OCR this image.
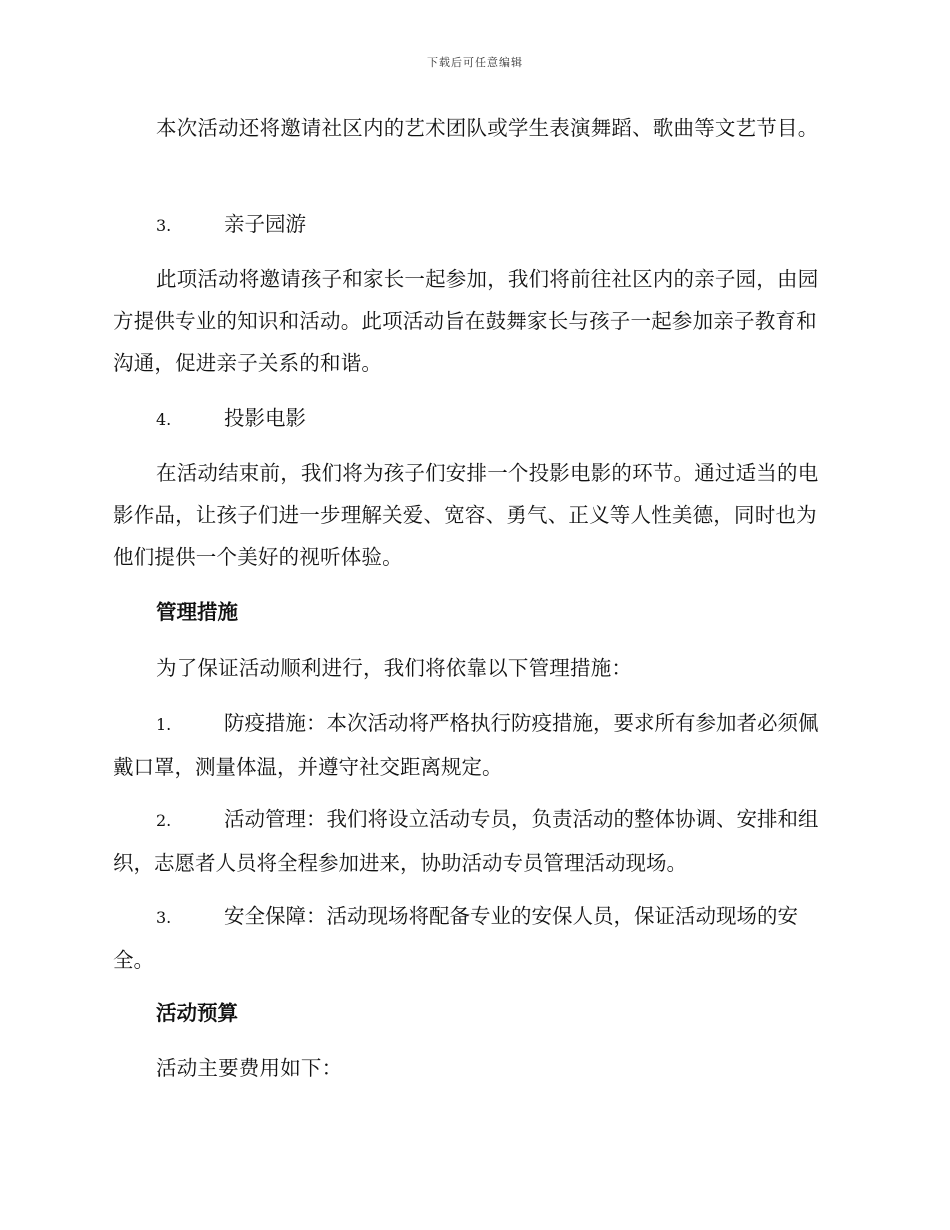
下载后可任意编辑

本次活动还将邀请社区内的艺术团队或学生表演舞蹈、歌曲等文艺节目。

3.	亲子园游

此项活动将邀请孩子和家长一起参加，我们将前往社区内的亲子园，由园方提供专业的知识和活动。此项活动旨在鼓舞家长与孩子一起参加亲子教育和沟通，促进亲子关系的和谐。

4.	投影电影

在活动结束前，我们将为孩子们安排一个投影电影的环节。通过适当的电影作品，让孩子们进一步理解关爱、宽容、勇气、正义等人性美德，同时也为他们提供一个美好的视听体验。

管理措施

为了保证活动顺利进行，我们将依靠以下管理措施：

1.	防疫措施：本次活动将严格执行防疫措施，要求所有参加者必须佩戴口罩，测量体温，并遵守社交距离规定。

2.	活动管理：我们将设立活动专员，负责活动的整体协调、安排和组织，志愿者人员将全程参加进来，协助活动专员管理活动现场。

3.	安全保障：活动现场将配备专业的安保人员，保证活动现场的安全。

活动预算

活动主要费用如下：
